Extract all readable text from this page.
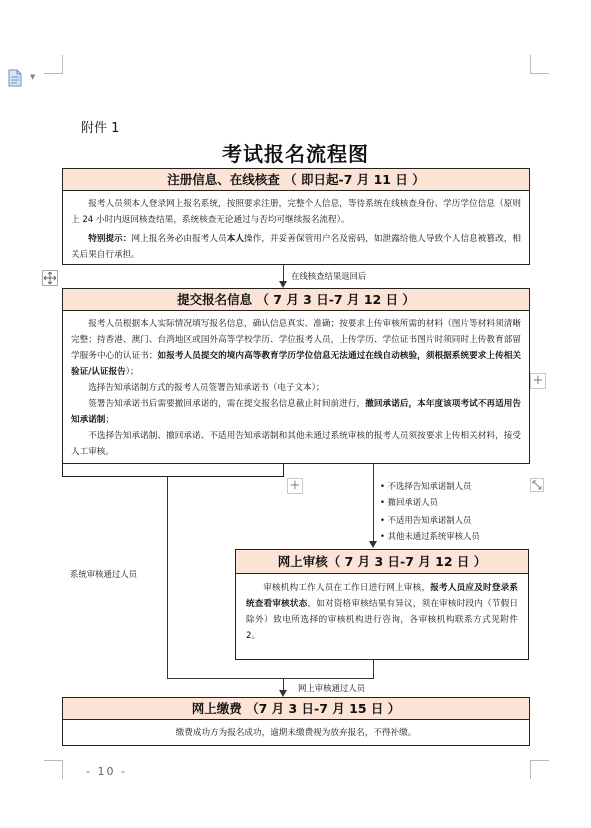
▼
附件 1
考试报名流程图
注册信息、在线核查 （ 即日起-7 月 11 日 ）

报考人员须本人登录网上报名系统，按照要求注册，完整个人信息，等待系统在线核查身份、学历学位信息（原则上 24 小时内返回核查结果，系统核查无论通过与否均可继续报名流程）。

特别提示：网上报名务必由报考人员本人操作，并妥善保管用户名及密码，如泄露给他人导致个人信息被篡改，相关后果自行承担。

在线核查结果返回后
提交报名信息 （ 7 月 3 日-7 月 12 日 ）

报考人员根据本人实际情况填写报名信息，确认信息真实、准确；按要求上传审核所需的材料（图片等材料须清晰完整；持香港、澳门、台湾地区或国外高等学校学历、学位报考人员，上传学历、学位证书图片时须同时上传教育部留学服务中心的认证书；如报考人员提交的境内高等教育学历学位信息无法通过在线自动核验，须根据系统要求上传相关验证/认证报告）；

选择告知承诺制方式的报考人员签署告知承诺书（电子文本）；

签署告知承诺书后需要撤回承诺的，需在提交报名信息截止时间前进行，撤回承诺后，本年度该项考试不再适用告知承诺制；

不选择告知承诺制、撤回承诺、不适用告知承诺制和其他未通过系统审核的报考人员须按要求上传相关材料，接受人工审核。

+
+
系统审核通过人员
• 不选择告知承诺制人员
• 撤回承诺人员
• 不适用告知承诺制人员
• 其他未通过系统审核人员
网上审核（ 7 月 3 日-7 月 12 日 ）

审核机构工作人员在工作日进行网上审核，报考人员应及时登录系统查看审核状态，如对资格审核结果有异议，须在审核时段内（节假日除外）致电所选择的审核机构进行咨询，各审核机构联系方式见附件 2。

网上审核通过人员
网上缴费 （7 月 3 日-7 月 15 日 ）
缴费成功方为报名成功，逾期未缴费视为放弃报名，不得补缴。
- 10 -
